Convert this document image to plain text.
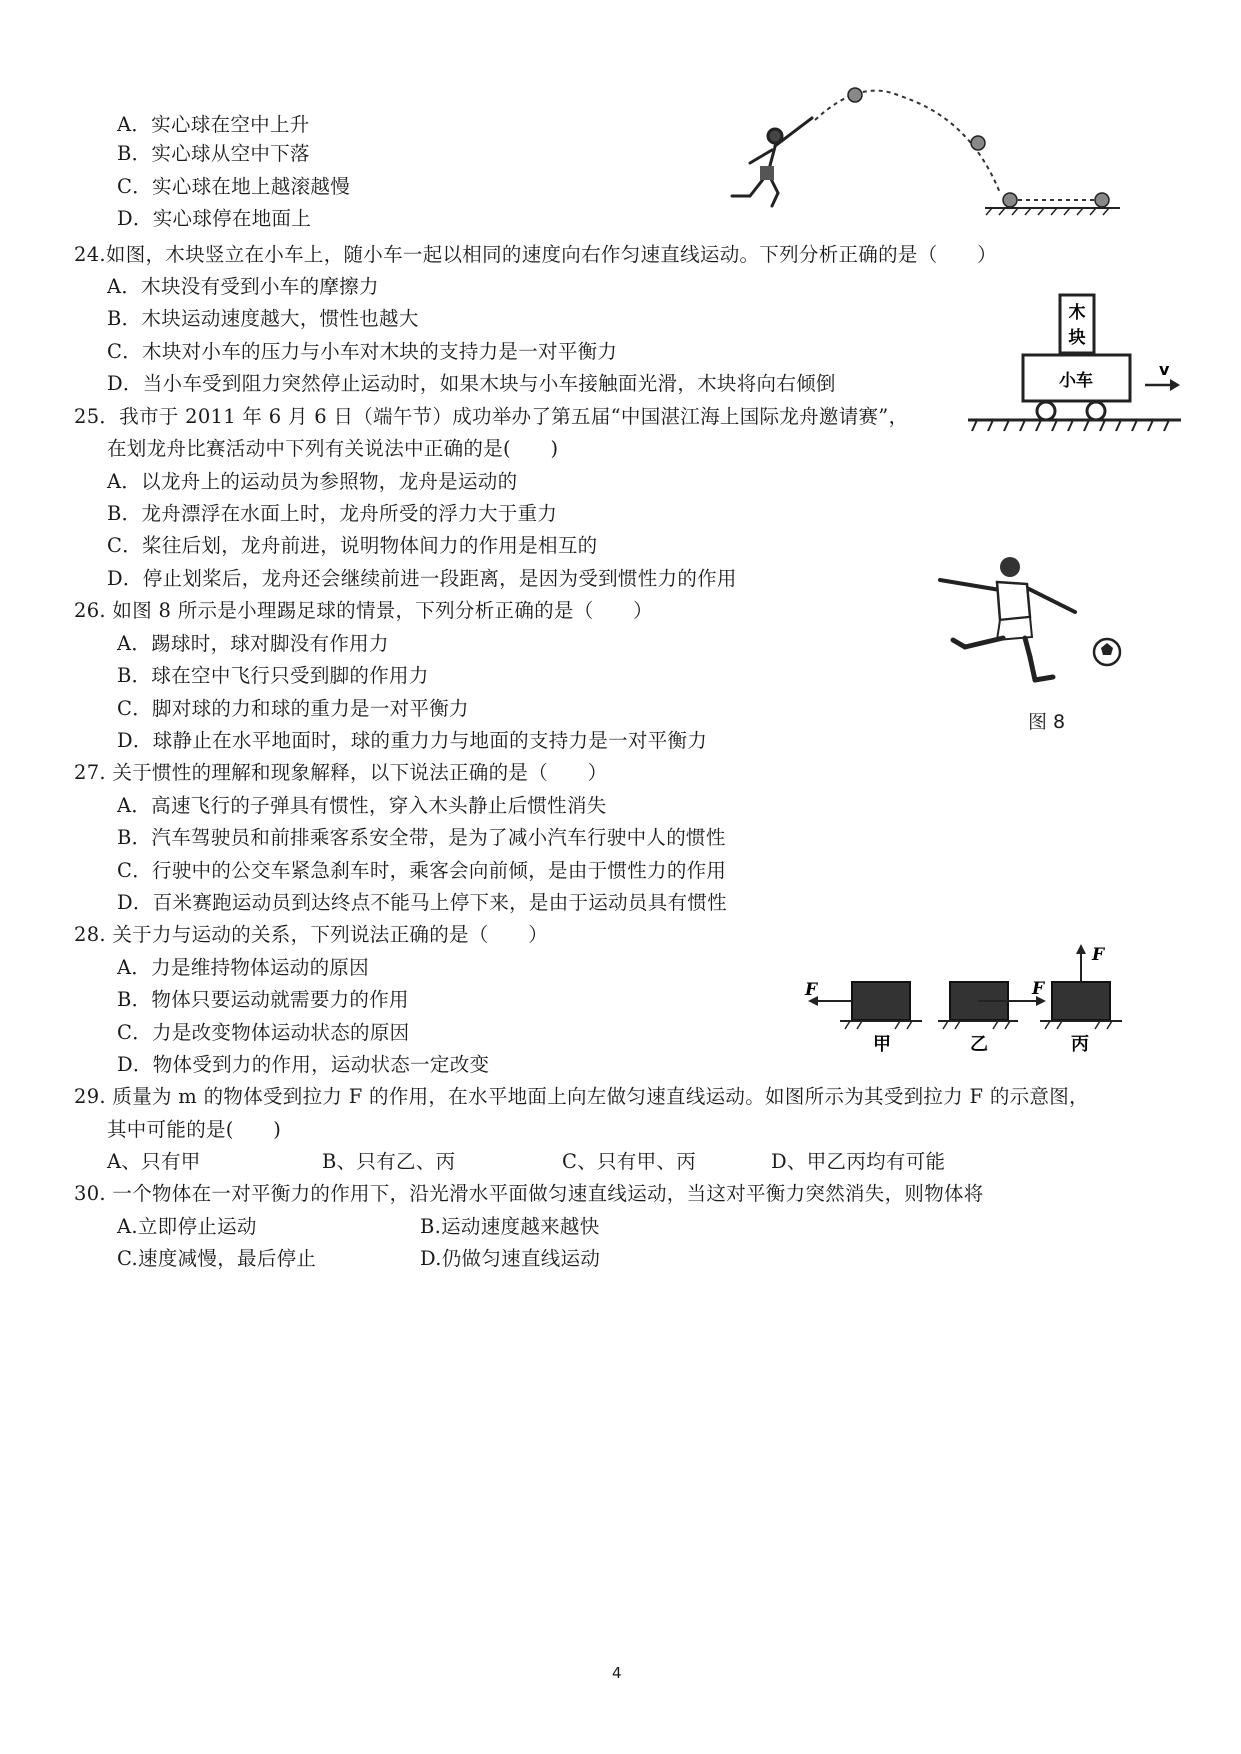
A．实心球在空中上升
B．实心球从空中下落
C．实心球在地上越滚越慢
D．实心球停在地面上
24.如图，木块竖立在小车上，随小车一起以相同的速度向右作匀速直线运动。下列分析正确的是（　　）
A．木块没有受到小车的摩擦力
B．木块运动速度越大，惯性也越大
C．木块对小车的压力与小车对木块的支持力是一对平衡力
D．当小车受到阻力突然停止运动时，如果木块与小车接触面光滑，木块将向右倾倒
木
块
小车
v
25．我市于 2011 年 6 月 6 日（端午节）成功举办了第五届“中国湛江海上国际龙舟邀请赛”，
在划龙舟比赛活动中下列有关说法中正确的是(　　)
A．以龙舟上的运动员为参照物，龙舟是运动的
B．龙舟漂浮在水面上时，龙舟所受的浮力大于重力
C．桨往后划，龙舟前进，说明物体间力的作用是相互的
D．停止划桨后，龙舟还会继续前进一段距离，是因为受到惯性力的作用
图 8
26. 如图 8 所示是小理踢足球的情景，下列分析正确的是（　　）
A．踢球时，球对脚没有作用力
B．球在空中飞行只受到脚的作用力
C．脚对球的力和球的重力是一对平衡力
D．球静止在水平地面时，球的重力力与地面的支持力是一对平衡力
27. 关于惯性的理解和现象解释，以下说法正确的是（　　）
A．高速飞行的子弹具有惯性，穿入木头静止后惯性消失
B．汽车驾驶员和前排乘客系安全带，是为了减小汽车行驶中人的惯性
C．行驶中的公交车紧急刹车时，乘客会向前倾，是由于惯性力的作用
D．百米赛跑运动员到达终点不能马上停下来，是由于运动员具有惯性
28. 关于力与运动的关系，下列说法正确的是（　　）
A．力是维持物体运动的原因
B．物体只要运动就需要力的作用
C．力是改变物体运动状态的原因
D．物体受到力的作用，运动状态一定改变
F
甲
F
乙
F
丙
29. 质量为 m 的物体受到拉力 F 的作用，在水平地面上向左做匀速直线运动。如图所示为其受到拉力 F 的示意图，
其中可能的是(　　)
A、只有甲	B、只有乙、丙	C、只有甲、丙	D、甲乙丙均有可能
30. 一个物体在一对平衡力的作用下，沿光滑水平面做匀速直线运动，当这对平衡力突然消失，则物体将
A.立即停止运动	B.运动速度越来越快
C.速度减慢，最后停止	D.仍做匀速直线运动
4
